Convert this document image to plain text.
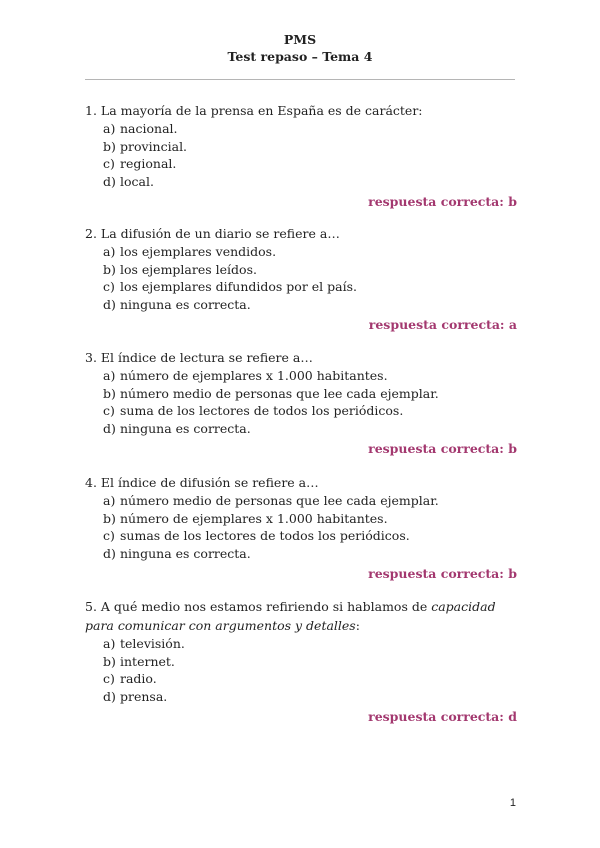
PMS
Test repaso – Tema 4

1. La mayoría de la prensa en España es de carácter:

a) nacional.
b) provincial.
c) regional.
d) local.
respuesta correcta: b

2. La difusión de un diario se refiere a…

a) los ejemplares vendidos.
b) los ejemplares leídos.
c) los ejemplares difundidos por el país.
d) ninguna es correcta.
respuesta correcta: a

3. El índice de lectura se refiere a…

a) número de ejemplares x 1.000 habitantes.
b) número medio de personas que lee cada ejemplar.
c) suma de los lectores de todos los periódicos.
d) ninguna es correcta.
respuesta correcta: b

4. El índice de difusión se refiere a…

a) número medio de personas que lee cada ejemplar.
b) número de ejemplares x 1.000 habitantes.
c) sumas de los lectores de todos los periódicos.
d) ninguna es correcta.
respuesta correcta: b

5. A qué medio nos estamos refiriendo si hablamos de capacidad para comunicar con argumentos y detalles:

a) televisión.
b) internet.
c) radio.
d) prensa.
respuesta correcta: d
1
